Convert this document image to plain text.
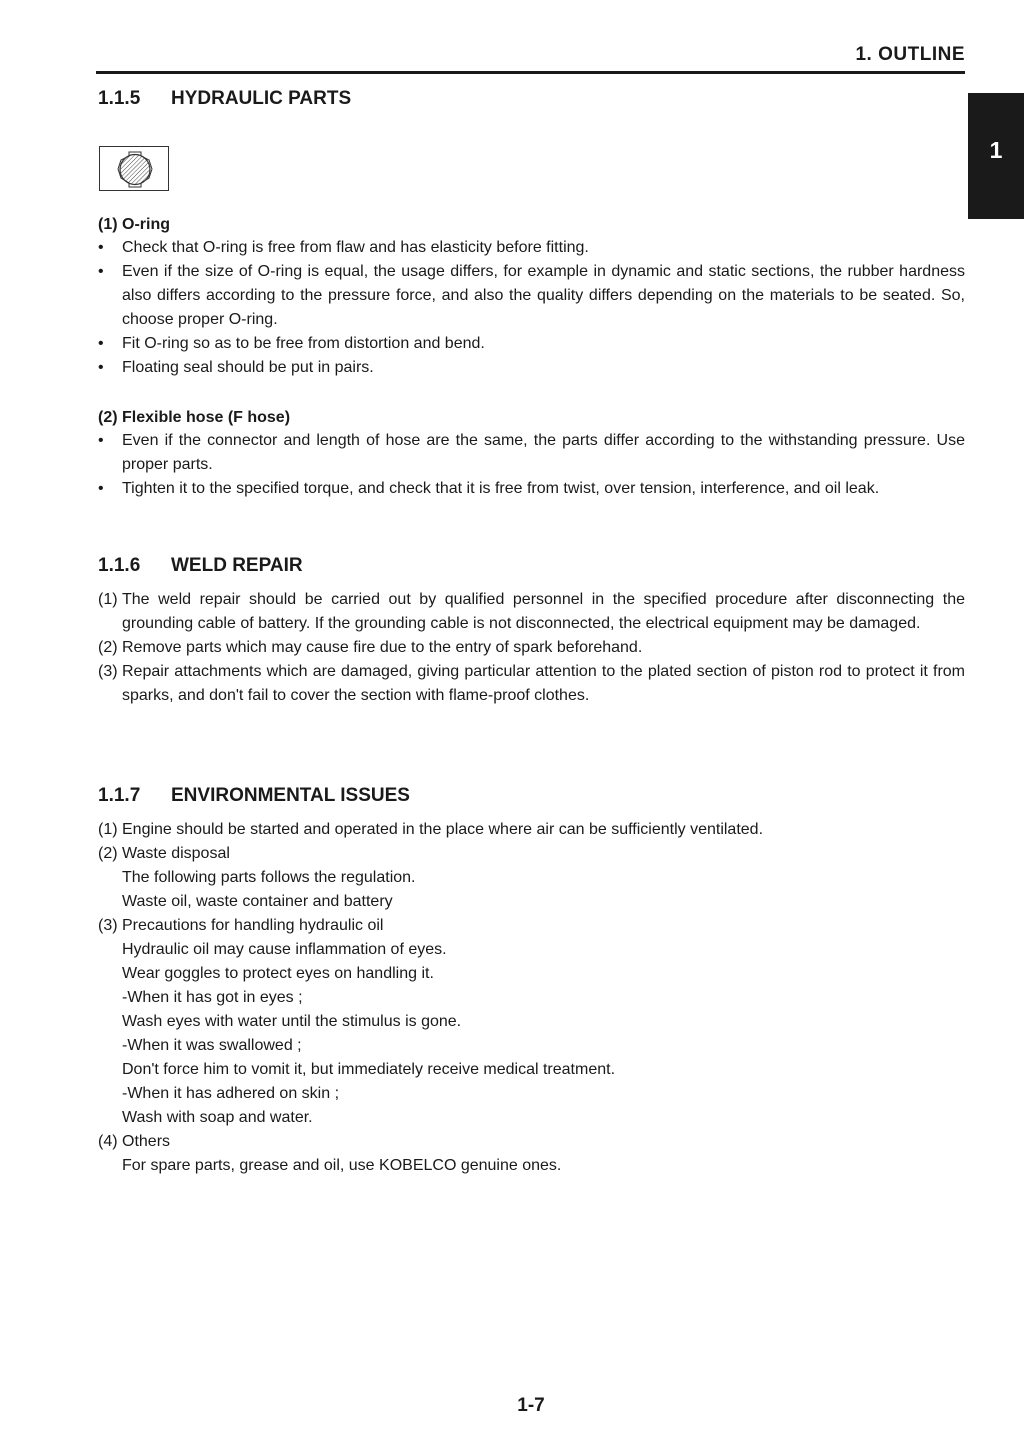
1. OUTLINE
1
1.1.5	HYDRAULIC PARTS
(1) O-ring
•	Check that O-ring is free from flaw and has elasticity before fitting.
•	Even if the size of O-ring is equal, the usage differs, for example in dynamic and static sections, the rubber hardness also differs according to the pressure force, and also the quality differs depending on the materials to be seated. So, choose proper O-ring.
•	Fit O-ring so as to be free from distortion and bend.
•	Floating seal should be put in pairs.
(2) Flexible hose (F hose)
•	Even if the connector and length of hose are the same, the parts differ according to the withstanding pressure. Use proper parts.
•	Tighten it to the specified torque, and check that it is free from twist, over tension, interference, and oil leak.
1.1.6	WELD REPAIR
(1) The weld repair should be carried out by qualified personnel in the specified procedure after disconnecting the grounding cable of battery. If the grounding cable is not disconnected, the electrical equipment may be damaged.
(2) Remove parts which may cause fire due to the entry of spark beforehand.
(3) Repair attachments which are damaged, giving particular attention to the plated section of piston rod to protect it from sparks, and don't fail to cover the section with flame-proof clothes.
1.1.7	ENVIRONMENTAL ISSUES
(1) Engine should be started and operated in the place where air can be sufficiently ventilated.
(2) Waste disposal
The following parts follows the regulation.
Waste oil, waste container and battery
(3) Precautions for handling hydraulic oil
Hydraulic oil may cause inflammation of eyes.
Wear goggles to protect eyes on handling it.
-When it has got in eyes ;
Wash eyes with water until the stimulus is gone.
-When it was swallowed ;
Don't force him to vomit it, but immediately receive medical treatment.
-When it has adhered on skin ;
Wash with soap and water.
(4) Others
For spare parts, grease and oil, use KOBELCO genuine ones.
1-7
